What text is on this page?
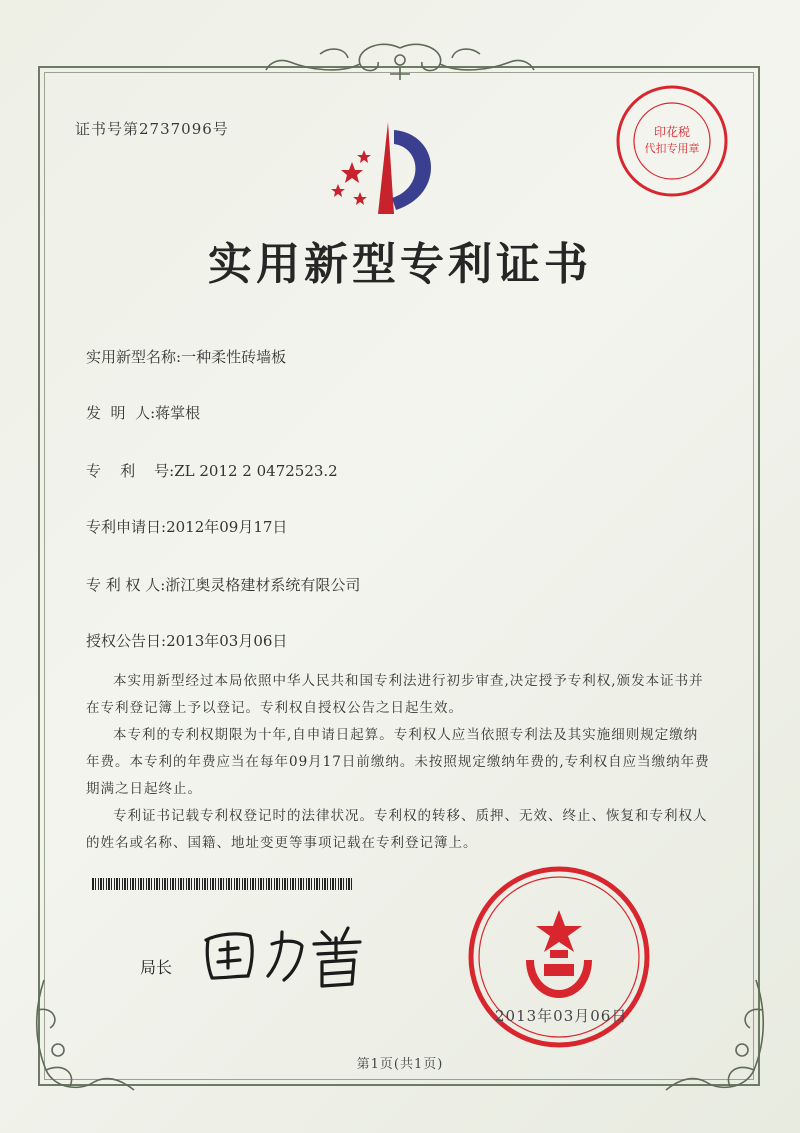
证书号第2737096号
实用新型专利证书
印花税
代扣专用章
实用新型名称:一种柔性砖墙板
发  明  人:蒋掌根
专    利    号:ZL 2012 2 0472523.2
专利申请日:2012年09月17日
专 利 权 人:浙江奥灵格建材系统有限公司
授权公告日:2013年03月06日

本实用新型经过本局依照中华人民共和国专利法进行初步审查,决定授予专利权,颁发本证书并在专利登记簿上予以登记。专利权自授权公告之日起生效。

本专利的专利权期限为十年,自申请日起算。专利权人应当依照专利法及其实施细则规定缴纳年费。本专利的年费应当在每年09月17日前缴纳。未按照规定缴纳年费的,专利权自应当缴纳年费期满之日起终止。

专利证书记载专利权登记时的法律状况。专利权的转移、质押、无效、终止、恢复和专利权人的姓名或名称、国籍、地址变更等事项记载在专利登记簿上。

局长
2013年03月06日
第1页(共1页)
